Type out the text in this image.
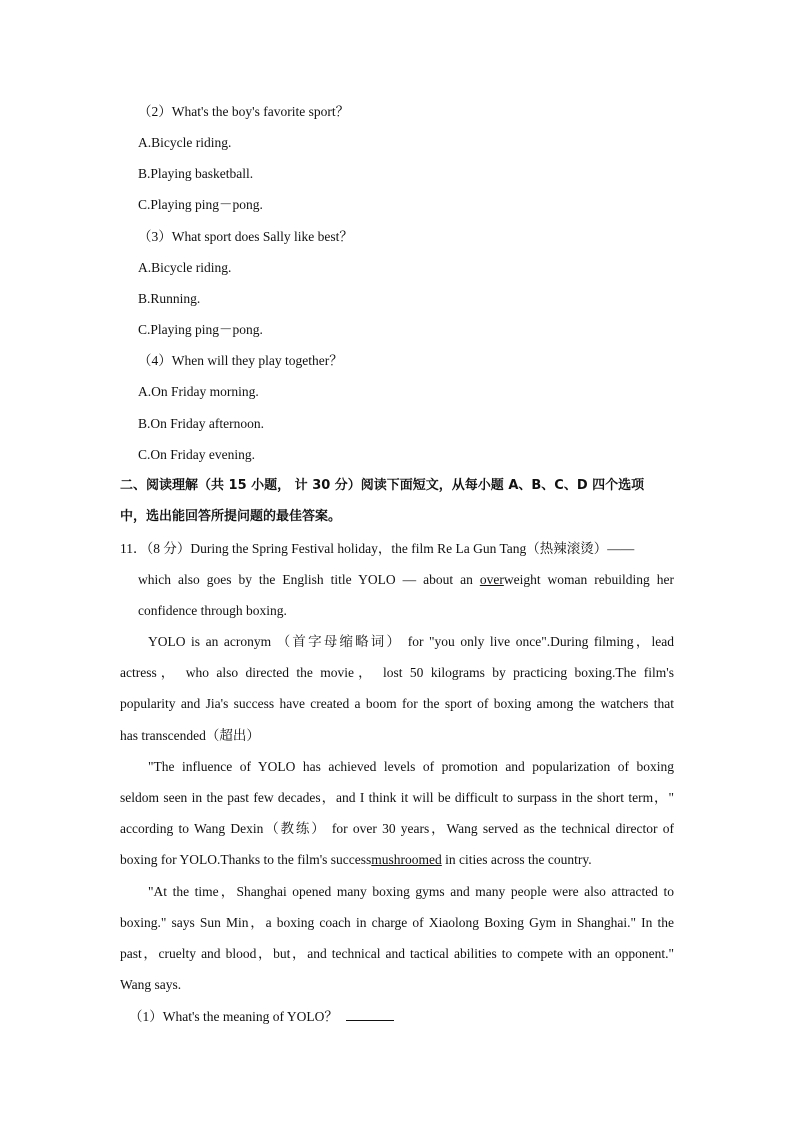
（2）What's the boy's favorite sport？
A.Bicycle riding.
B.Playing basketball.
C.Playing ping－pong.
（3）What sport does Sally like best？
A.Bicycle riding.
B.Running.
C.Playing ping－pong.
（4）When will they play together？
A.On Friday morning.
B.On Friday afternoon.
C.On Friday evening.
二、阅读理解（共 15 小题， 计 30 分）阅读下面短文，从每小题 A、B、C、D 四个选项
中，选出能回答所提问题的最佳答案。
11．（8 分）During the Spring Festival holiday，the film Re La Gun Tang（热辣滚烫）——
which also goes by the English title YOLO — about an overweight woman rebuilding her
confidence through boxing.
YOLO is an acronym （首字母缩略词） for "you only live once".During filming，lead
actress， who also directed the movie， lost 50 kilograms by practicing boxing.The film's
popularity and Jia's success have created a boom for the sport of boxing among the watchers that
has transcended（超出）
"The influence of YOLO has achieved levels of promotion and popularization of boxing
seldom seen in the past few decades，and I think it will be difficult to surpass in the short term，"
according to Wang Dexin（教练） for over 30 years，Wang served as the technical director of
boxing for YOLO.Thanks to the film's successmushroomed in cities across the country.
"At the time，Shanghai opened many boxing gyms and many people were also attracted to
boxing." says Sun Min，a boxing coach in charge of Xiaolong Boxing Gym in Shanghai." In the
past，cruelty and blood，but，and technical and tactical abilities to compete with an opponent."
Wang says.
（1）What's the meaning of YOLO？
